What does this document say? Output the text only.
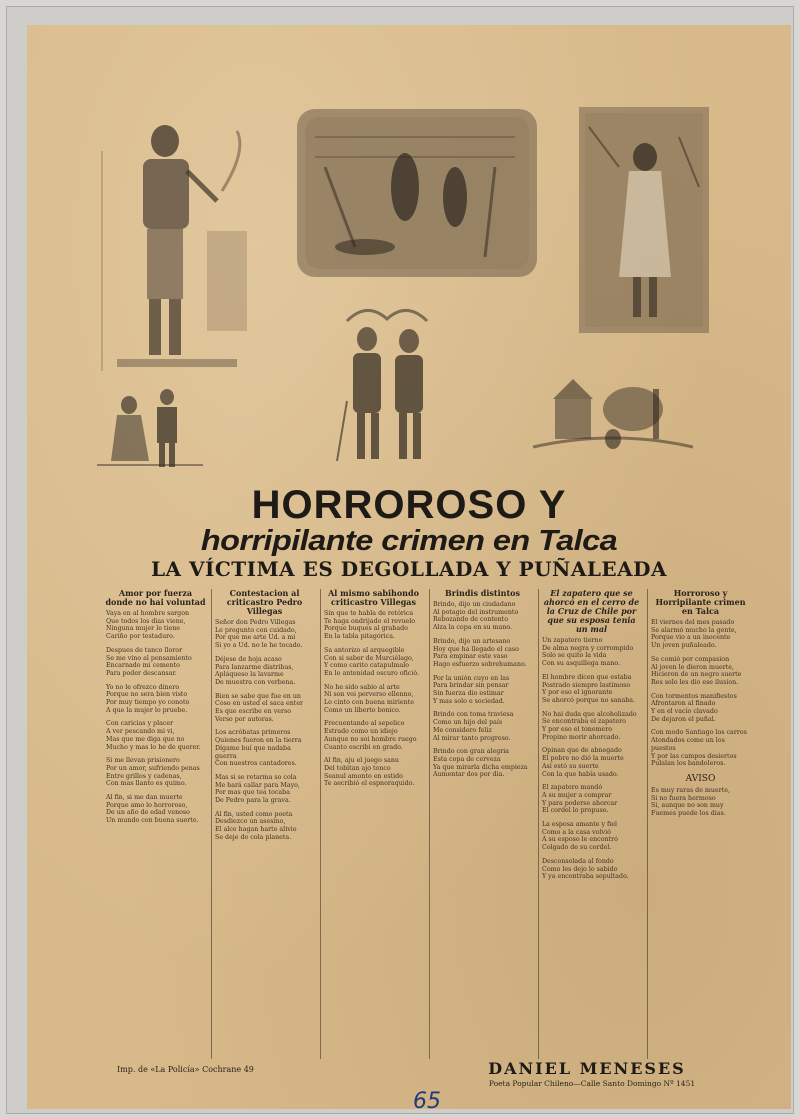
HORROROSO Y
horripilante crimen en Talca
LA VÍCTIMA ES DEGOLLADA Y PUÑALEADA
Amor por fuerza donde no hai voluntad

Vaya en al hombre sargon
Que todos los dias viene,
Ninguna mujer le tiene
Cariño por testaduro.

Despues de tanco lloror
Se me vino al pensamiento
Encarnado mi cemento
Para poder descansar.

Yo no le ofrezco dinero
Porque no sera bien visto
Por muy tiempo yo conoto
A que la mujer lo pruebe.

Con caricias y placer
A ver pescando mi vi,
Mas que me diga que no
Mucho y mas lo he de querer.

Si me llevan prisionero
Por un amor, sufriendo penas
Entre grillos y cadenas,
Con mas llanto es quimo.

Al fin, si me dan muerte
Porque amo lo horroroso,
De un año de edad venoso
Un mundo con buena suerte.

Contestacion al criticastro Pedro Villegas

Señor don Pedro Villegas
Le pregunto con cuidado,
Por que me arte Ud. a mi
Si yo a Ud. no le he tocado.

Déjese de hoja acaso
Para lanzarme diatribas,
Apláqueso la lavarme
De muestra con verbena.

Bien se sabe que fue en un
Coso en usted el saca enter
Es que escribe en verso
Verso por autoras.

Los acróbatas primeros
Quienes fueron en la tierra
Dígame buí que nadaba guerra
Con nuestros cantadores.

Mas si se retarma so cola
Me hará callar para Mayo,
Por mas que tea tocaba
De Pedro para la grava.

Al fin, usted como poeta
Desdiezco un asesino,
El alce hagan harto alivio
Se deje de cola planeta.

Al mismo sabihondo criticastro Villegas

Sin que te habla de retórica
Te haga ondrijado el revuelo
Porque buques al grabado
En la tabla pitagórica.

Sa antorizo al arquegible
Con si saber de Murciélago,
Y como carito catapulmalo
En lo antenidad oscuro ofició.

No he sido sabio al arte
Ni son voi perverso ellenno,
Lo cinto con buena miriente
Como un líberto bonico.

Frecuentando al sepelico
Estrado como un idiejo
Aunque no soi hombre ruego
Cuanto escribi en grado.

Al fin, aju el juego sanu
Del tobitan ajo tonco
Seanul amonto en estido
Te aecribió el espnoraquido.

Brindis distintos

Brindo, dijo un ciudadano
Al potagio del instrumento
Rebozando de contento
Alza la copa en su mano.

Brindo, dijo un artesano
Hoy que ha llegado el caso
Para empinar este vaso
Hago esfuerzo sobrehumano.

Por la unión cuyo en las
Para brindar sin pensar
Sin fuerza dio estimar
Y mas solo e sociedad.

Brindo con toma traviesa
Como un hijo del país
Me considero feliz
Al mirar tanto progreso.

Brindo con gran alegria
Esta copa de cerveza
Ya que mirarla dicha empieza
Aumentar dos por dia.

El zapatero que se ahorcó en el cerro de la Cruz de Chile por que su esposa tenia un mal

Un zapatero tierno
De alma negra y corrompido
Solo se quito la vida
Con su asquillega mano.

El hombre dicen que estaba
Postrado siempre lastimoso
Y por eso el ignorante
Se ahorcó porque no sanaba.

No hai duda que alcoholizado
Se encontraba el zapatero
Y por eso el tonemero
Propino morir ahorcado.

Opinan que de abnegado
El pobre no dió la muerte
Así estó su suerte
Con la que había usado.

El zapatero mandó
A su mujer a comprar
Y para poderse ahorcar
El cordel lo propuso.

La esposa amante y fiel
Como a la casa volvió
A su esposo le encontró
Colgado de su cordel.

Desconsolada al fondo
Como les dejo lo sabido
Y ya encontraba sepultado.

Horroroso y Horripilante crimen en Talca

El viernes del mes pasado
Se alarmó mucho la gente,
Porque vio a un inocente
Un joven puñaleado.

Se comió por compasion
Al joven le dieron muerte,
Hicieron de un negro suerte
Res solo les dio ese ilusion.

Con tormentos manifiestos
Afrontaron al finado
Y en el vacío clavado
De dejaron el puñal.

Con modo Santiago los carros
Atondados come un los puestos
Y por las campos desiertos
Pulalan los bandoleros.

AVISO

Es muy raras de muerte,
Si no fuera hermoso
Si, aunque no son muy
Fuemes puede los dias.

Imp. de «La Policía» Cochrane 49	DANIEL MENESES
Poeta Popular Chileno—Calle Santo Domingo Nº 1451
65
